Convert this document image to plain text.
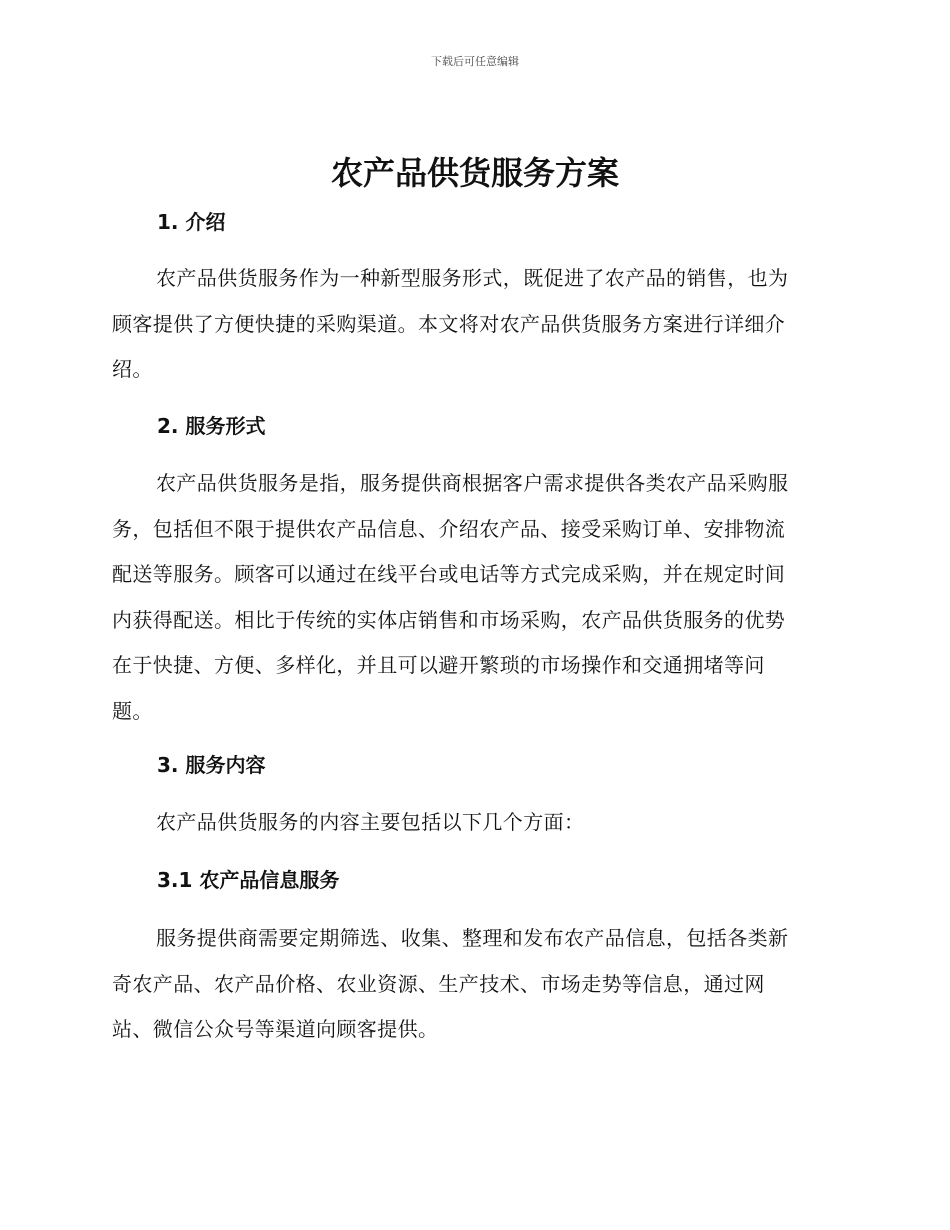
下载后可任意编辑
农产品供货服务方案
1. 介绍
农产品供货服务作为一种新型服务形式，既促进了农产品的销售，也为
顾客提供了方便快捷的采购渠道。本文将对农产品供货服务方案进行详细介
绍。
2. 服务形式
农产品供货服务是指，服务提供商根据客户需求提供各类农产品采购服
务，包括但不限于提供农产品信息、介绍农产品、接受采购订单、安排物流
配送等服务。顾客可以通过在线平台或电话等方式完成采购，并在规定时间
内获得配送。相比于传统的实体店销售和市场采购，农产品供货服务的优势
在于快捷、方便、多样化，并且可以避开繁琐的市场操作和交通拥堵等问
题。
3. 服务内容
农产品供货服务的内容主要包括以下几个方面：
3.1 农产品信息服务
服务提供商需要定期筛选、收集、整理和发布农产品信息，包括各类新
奇农产品、农产品价格、农业资源、生产技术、市场走势等信息，通过网
站、微信公众号等渠道向顾客提供。
